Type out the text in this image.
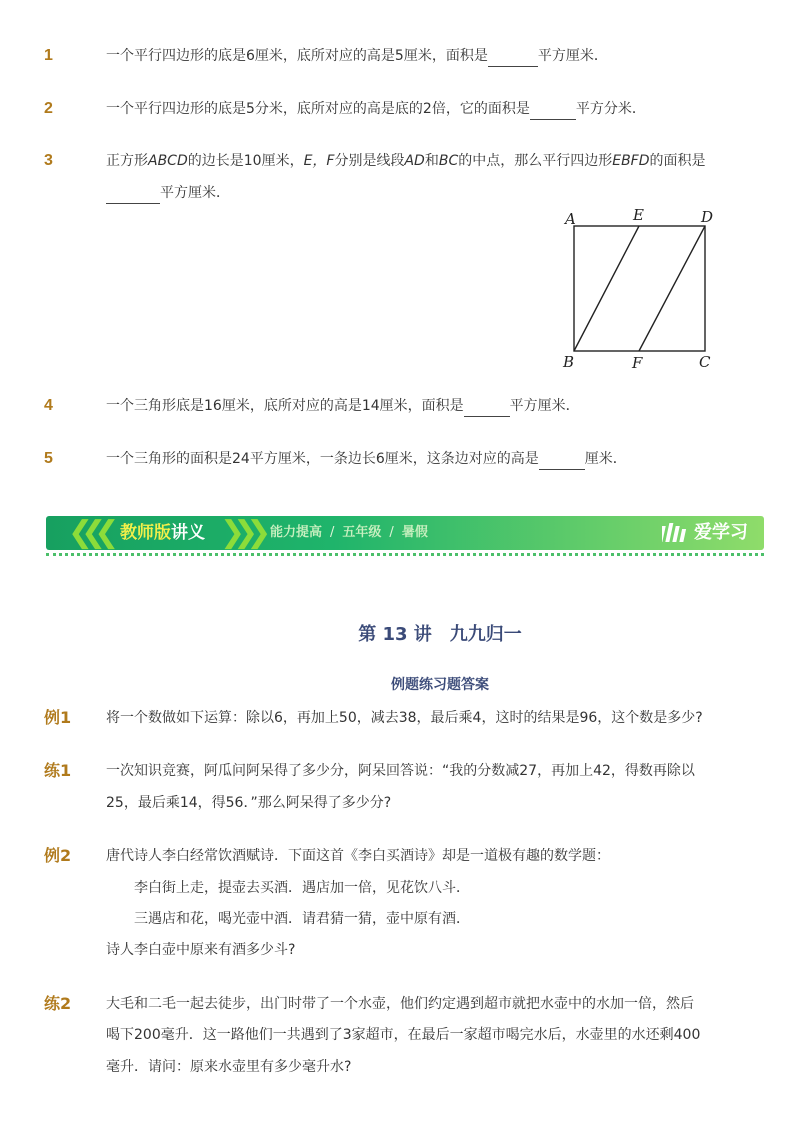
1	一个平行四边形的底是6厘米，底所对应的高是5厘米，面积是	平方厘米．
2	一个平行四边形的底是5分米，底所对应的高是底的2倍，它的面积是	平方分米．
3	正方形ABCD的边长是10厘米，E，F分别是线段AD和BC的中点，那么平行四边形EBFD的面积是
平方厘米．
A	E	D
B	F	C
4	一个三角形底是16厘米，底所对应的高是14厘米，面积是	平方厘米．
5	一个三角形的面积是24平方厘米，一条边长6厘米，这条边对应的高是	厘米．
❮❮❮ 教师版讲义 ❯❯❯ 能力提高 / 五年级 / 暑假	爱学习
第 13 讲　九九归一
例题练习题答案
例1 将一个数做如下运算：除以6，再加上50，减去38，最后乘4，这时的结果是96，这个数是多少?
练1 一次知识竞赛，阿瓜问阿呆得了多少分，阿呆回答说：“我的分数减27，再加上42，得数再除以
25，最后乘14，得56．”那么阿呆得了多少分?
例2 唐代诗人李白经常饮酒赋诗．下面这首《李白买酒诗》却是一道极有趣的数学题：
李白街上走，提壶去买酒．遇店加一倍，见花饮八斗．
三遇店和花，喝光壶中酒．请君猜一猜，壶中原有酒．
诗人李白壶中原来有酒多少斗?
练2 大毛和二毛一起去徒步，出门时带了一个水壶，他们约定遇到超市就把水壶中的水加一倍，然后
喝下200毫升．这一路他们一共遇到了3家超市，在最后一家超市喝完水后，水壶里的水还剩400
毫升．请问：原来水壶里有多少毫升水?
